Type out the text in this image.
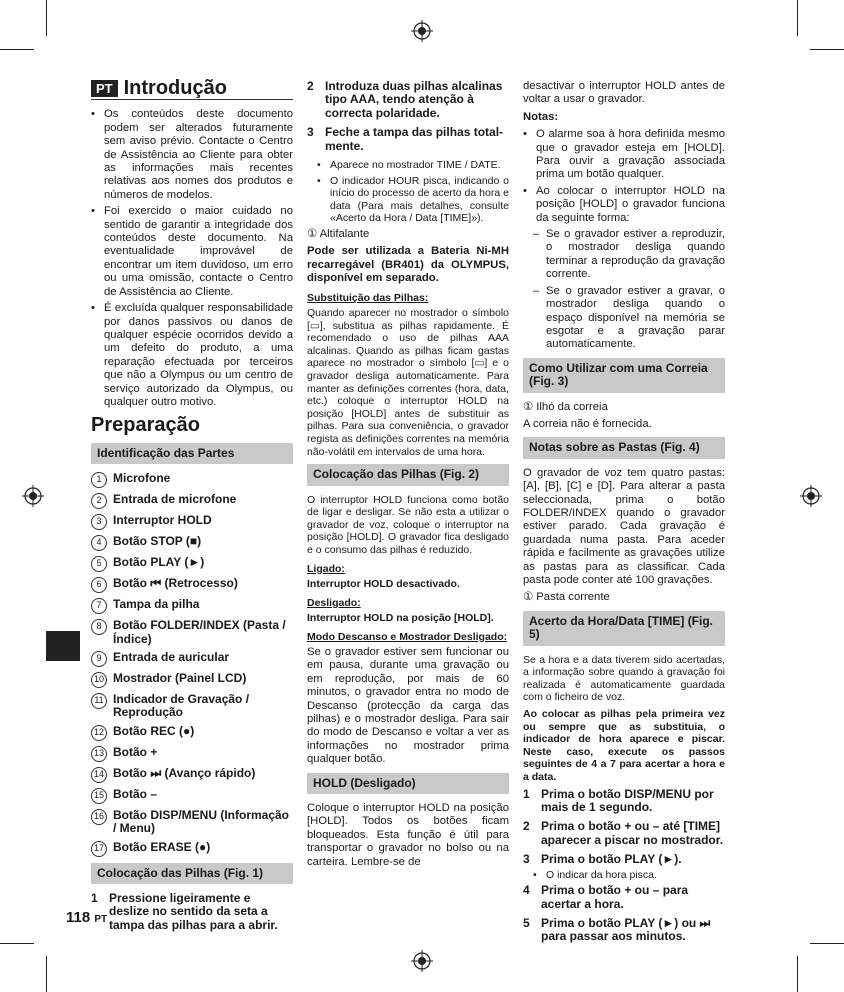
PT Introdução
• Os conteúdos deste documento podem ser alterados futuramente sem aviso prévio. Contacte o Centro de Assistência ao Cliente para obter as informações mais recentes relativas aos nomes dos produtos e números de modelos.
• Foi exercido o maior cuidado no sentido de garantir a integridade dos conteúdos deste documento. Na eventualidade improvável de encontrar um item duvidoso, um erro ou uma omissão, contacte o Centro de Assistência ao Cliente.
• É excluída qualquer responsabilidade por danos passivos ou danos de qualquer espécie ocorridos devido a um defeito do produto, a uma reparação efectuada por terceiros que não a Olympus ou um centro de serviço autorizado da Olympus, ou qualquer outro motivo.
Preparação
Identificação das Partes
1 Microfone
2 Entrada de microfone
3 Interruptor HOLD
4 Botão STOP (■)
5 Botão PLAY (►)
6 Botão ⏮ (Retrocesso)
7 Tampa da pilha
8 Botão FOLDER/INDEX (Pasta / Índice)
9 Entrada de auricular
10 Mostrador (Painel LCD)
11 Indicador de Gravação / Reprodução
12 Botão REC (●)
13 Botão +
14 Botão ⏭ (Avanço rápido)
15 Botão –
16 Botão DISP/MENU (Informação / Menu)
17 Botão ERASE (●)
Colocação das Pilhas (Fig. 1)
1 Pressione ligeiramente e deslize no sentido da seta a tampa das pilhas para a abrir.
2 Introduza duas pilhas alcalinas tipo AAA, tendo atenção à correcta polaridade.
3 Feche a tampa das pilhas total-mente.
• Aparece no mostrador TIME / DATE.
• O indicador HOUR pisca, indicando o início do processo de acerto da hora e data (Para mais detalhes, consulte «Acerto da Hora / Data [TIME]»).

① Altifalante

Pode ser utilizada a Bateria Ni-MH recarregável (BR401) da OLYMPUS, disponível em separado.

Substituição das Pilhas:

Quando aparecer no mostrador o símbolo [▭], substitua as pilhas rapidamente. É recomendado o uso de pilhas AAA alcalinas. Quando as pilhas ficam gastas aparece no mostrador o símbolo [▭] e o gravador desliga automaticamente. Para manter as definições correntes (hora, data, etc.) coloque o interruptor HOLD na posição [HOLD] antes de substituir as pilhas. Para sua conveniência, o gravador regista as definições correntes na memória não-volátil em intervalos de uma hora.

Colocação das Pilhas (Fig. 2)

O interruptor HOLD funciona como botão de ligar e desligar. Se não esta a utilizar o gravador de voz, coloque o interruptor na posição [HOLD]. O gravador fica desligado e o consumo das pilhas é reduzido.

Ligado:

Interruptor HOLD desactivado.

Desligado:

Interruptor HOLD na posição [HOLD].

Modo Descanso e Mostrador Desligado:

Se o gravador estiver sem funcionar ou em pausa, durante uma gravação ou em reprodução, por mais de 60 minutos, o gravador entra no modo de Descanso (protecção da carga das pilhas) e o mostrador desliga. Para sair do modo de Descanso e voltar a ver as informações no mostrador prima qualquer botão.

HOLD (Desligado)

Coloque o interruptor HOLD na posição [HOLD]. Todos os botões ficam bloqueados. Esta função é útil para transportar o gravador no bolso ou na carteira. Lembre-se de

desactivar o interruptor HOLD antes de voltar a usar o gravador.

Notas:

• O alarme soa à hora definida mesmo que o gravador esteja em [HOLD]. Para ouvir a gravação associada prima um botão qualquer.
• Ao colocar o interruptor HOLD na posição [HOLD] o gravador funciona da seguinte forma:
– Se o gravador estiver a reproduzir, o mostrador desliga quando terminar a reprodução da gravação corrente.
– Se o gravador estiver a gravar, o mostrador desliga quando o espaço disponível na memória se esgotar e a gravação parar automaticamente.
Como Utilizar com uma Correia (Fig. 3)

① Ilhó da correia

A correia não é fornecida.

Notas sobre as Pastas (Fig. 4)

O gravador de voz tem quatro pastas: [A], [B], [C] e [D]. Para alterar a pasta seleccionada, prima o botão FOLDER/INDEX quando o gravador estiver parado. Cada gravação é guardada numa pasta. Para aceder rápida e facilmente as gravações utilize as pastas para as classificar. Cada pasta pode conter até 100 gravações.

① Pasta corrente

Acerto da Hora/Data [TIME] (Fig. 5)

Se a hora e a data tiverem sido acertadas, a informação sobre quando a gravação foi realizada é automaticamente guardada com o ficheiro de voz.

Ao colocar as pilhas pela primeira vez ou sempre que as substituia, o indicador de hora aparece e piscar. Neste caso, execute os passos seguintes de 4 a 7 para acertar a hora e a data.

1 Prima o botão DISP/MENU por mais de 1 segundo.
2 Prima o botão + ou – até [TIME] aparecer a piscar no mostrador.
3 Prima o botão PLAY (►).
• O indicar da hora pisca.
4 Prima o botão + ou – para acertar a hora.
5 Prima o botão PLAY (►) ou ⏭ para passar aos minutos.
118 PT
